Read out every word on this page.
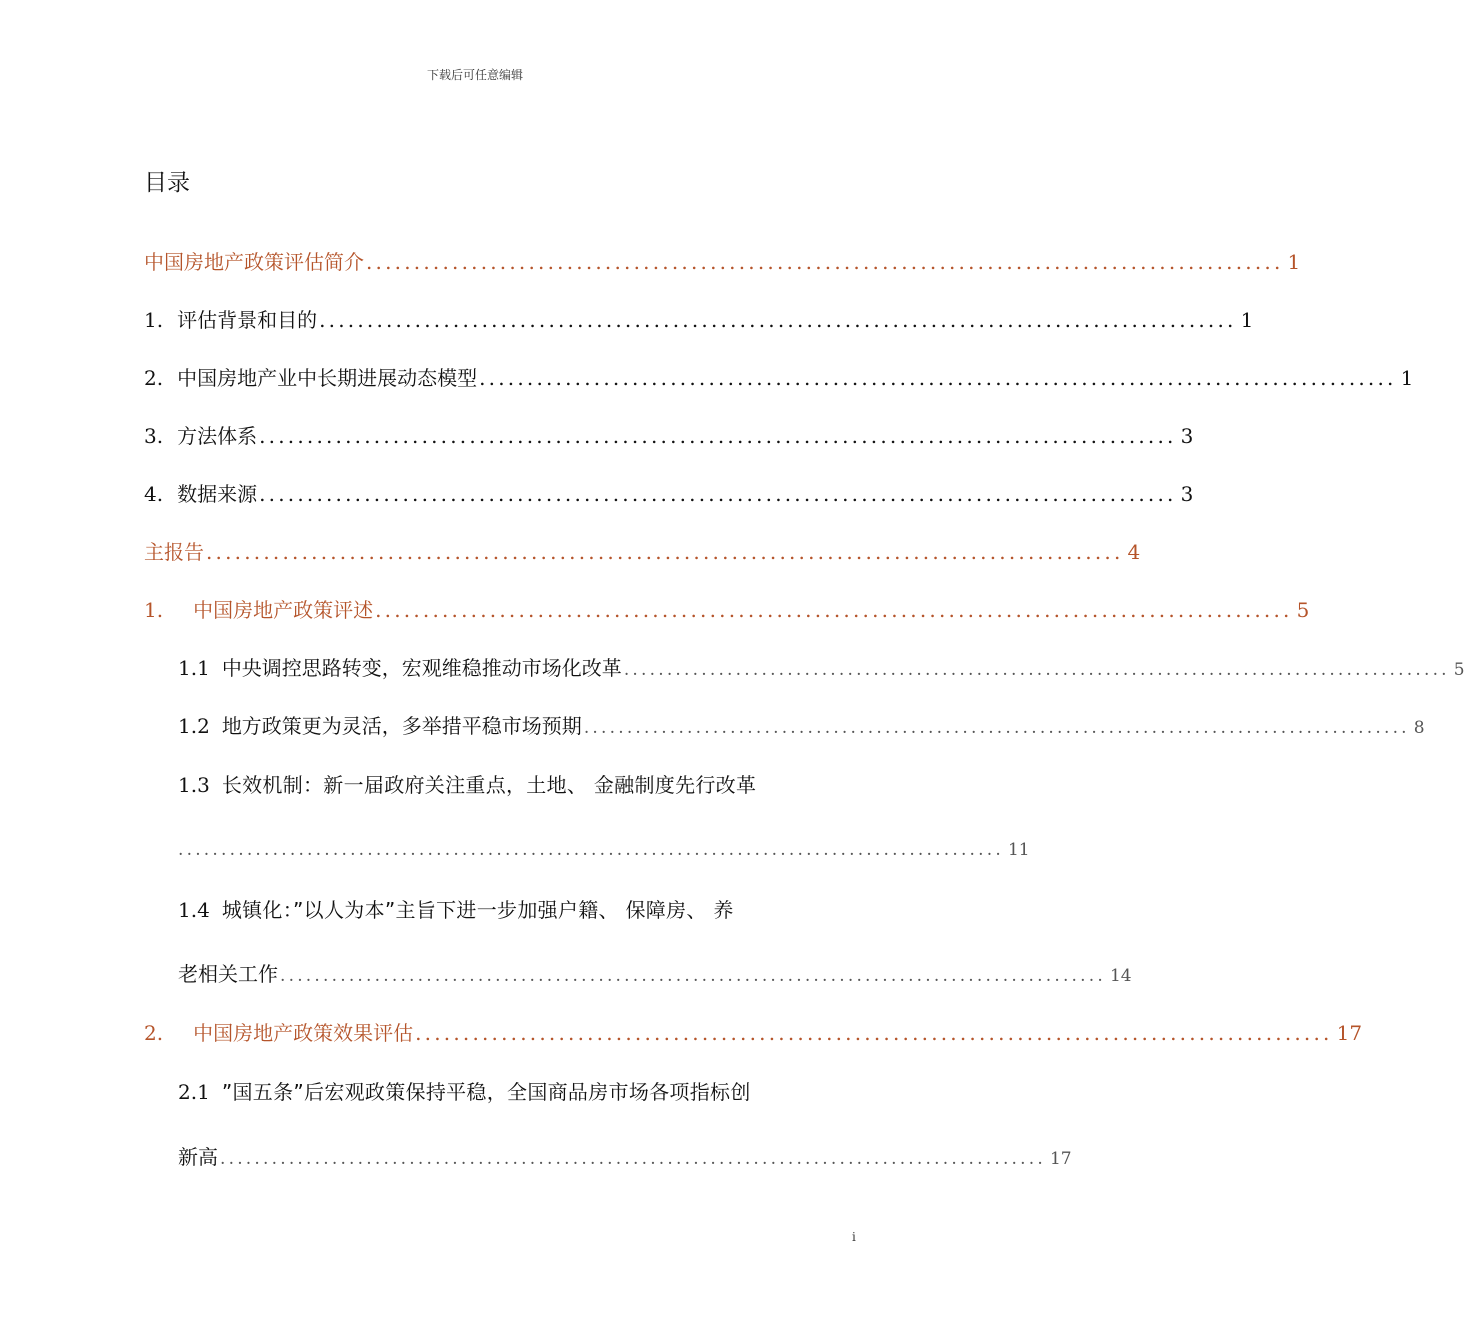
下载后可任意编辑
目录
中国房地产政策评估简介 ................................................................................................ 1
1. 评估背景和目的 ................................................................................................ 1
2. 中国房地产业中长期进展动态模型 ................................................................................................ 1
3. 方法体系 ................................................................................................ 3
4. 数据来源 ................................................................................................ 3
主报告 ................................................................................................ 4
1. 中国房地产政策评述 ................................................................................................ 5
1.1 中央调控思路转变，宏观维稳推动市场化改革 ................................................................................................ 5
1.2 地方政策更为灵活，多举措平稳市场预期 ................................................................................................ 8
1.3 长效机制：新一届政府关注重点，土地、 金融制度先行改革
................................................................................................ 11
1.4 城镇化：”以人为本”主旨下进一步加强户籍、 保障房、 养
老相关工作 ................................................................................................ 14
2. 中国房地产政策效果评估 ................................................................................................ 17
2.1 ”国五条”后宏观政策保持平稳，全国商品房市场各项指标创
新高 ................................................................................................ 17
i
